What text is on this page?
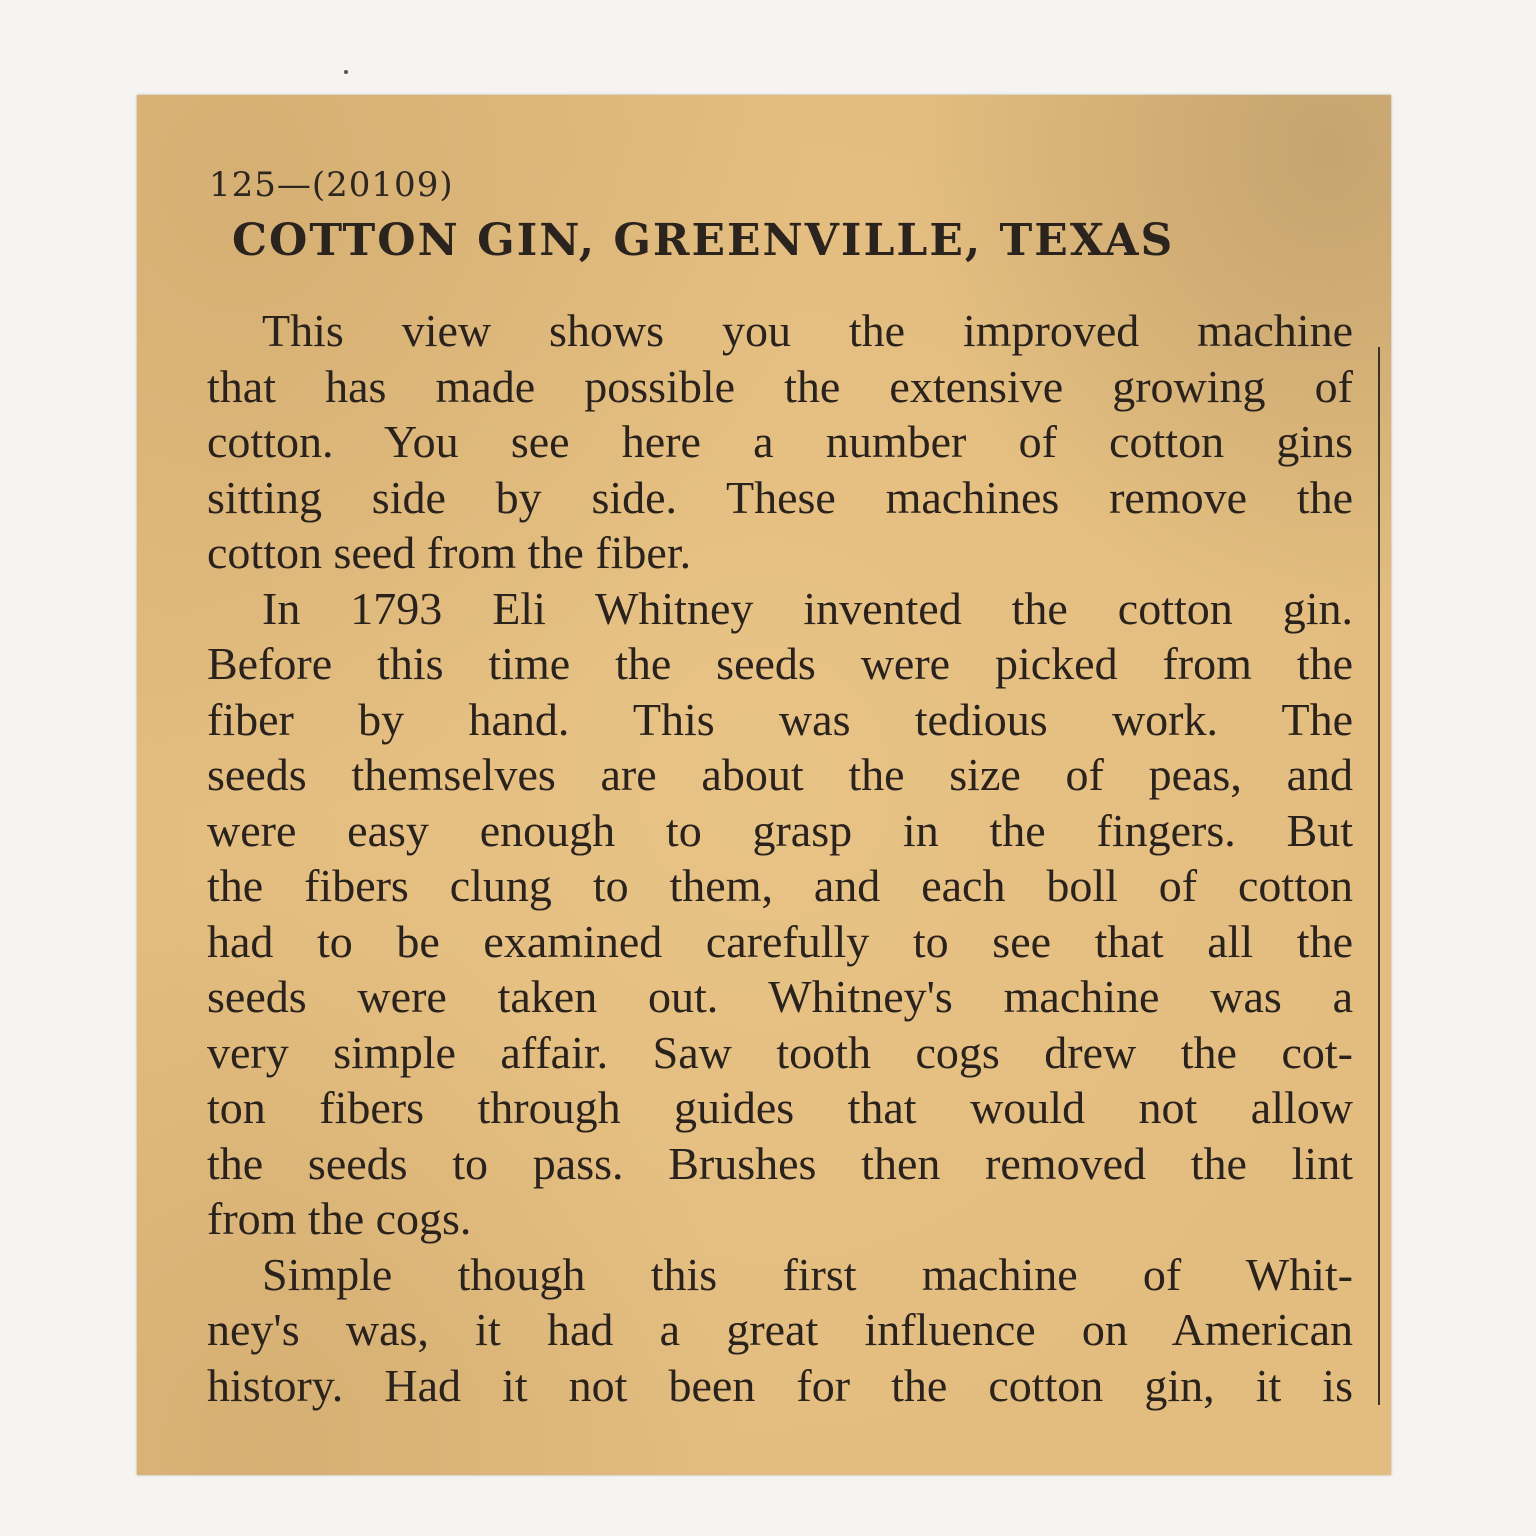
125—(20109)
COTTON GIN, GREENVILLE, TEXAS

This view shows you the improved machine
that has made possible the extensive growing of
cotton. You see here a number of cotton gins
sitting side by side. These machines remove the
cotton seed from the fiber.

In 1793 Eli Whitney invented the cotton gin.
Before this time the seeds were picked from the
fiber by hand. This was tedious work. The
seeds themselves are about the size of peas, and
were easy enough to grasp in the fingers. But
the fibers clung to them, and each boll of cotton
had to be examined carefully to see that all the
seeds were taken out. Whitney's machine was a
very simple affair. Saw tooth cogs drew the cot-
ton fibers through guides that would not allow
the seeds to pass. Brushes then removed the lint
from the cogs.

Simple though this first machine of Whit-
ney's was, it had a great influence on American
history. Had it not been for the cotton gin, it is
